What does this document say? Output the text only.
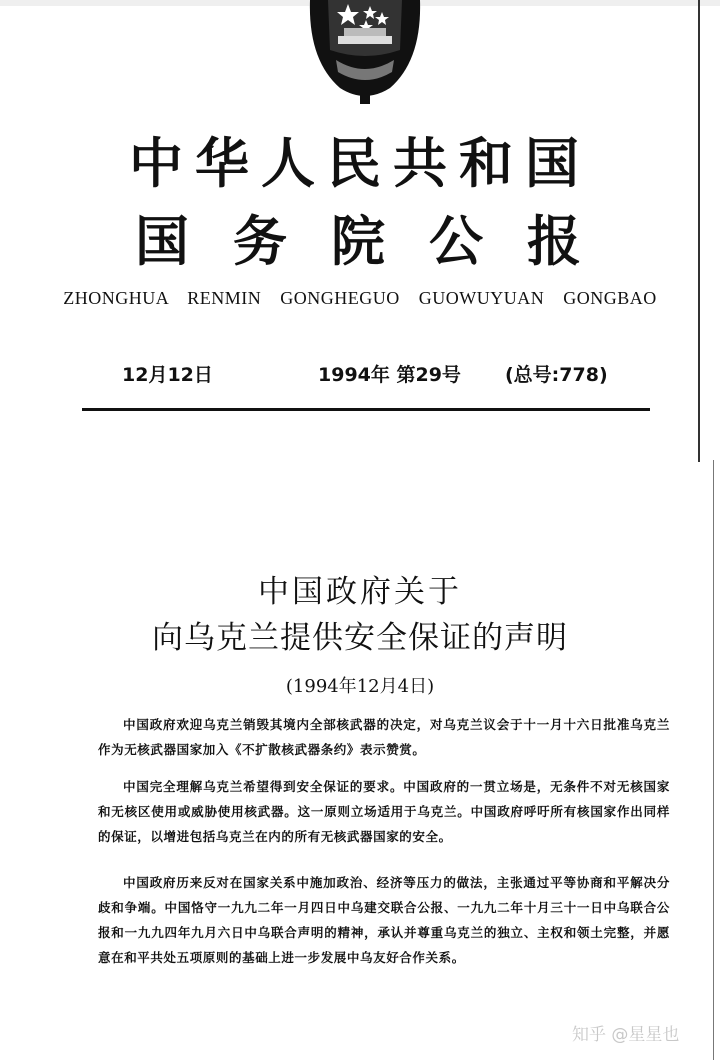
中华人民共和国
国务院公报
ZHONGHUA RENMIN GONGHEGUO GUOWUYUAN GONGBAO
12月12日	1994年 第29号 (总号:778)
中国政府关于
向乌克兰提供安全保证的声明
(1994年12月4日)
中国政府欢迎乌克兰销毁其境内全部核武器的决定，对乌克兰议会于十一月十六日批准乌克兰作为无核武器国家加入《不扩散核武器条约》表示赞赏。
中国完全理解乌克兰希望得到安全保证的要求。中国政府的一贯立场是，无条件不对无核国家和无核区使用或威胁使用核武器。这一原则立场适用于乌克兰。中国政府呼吁所有核国家作出同样的保证，以增进包括乌克兰在内的所有无核武器国家的安全。
中国政府历来反对在国家关系中施加政治、经济等压力的做法，主张通过平等协商和平解决分歧和争端。中国恪守一九九二年一月四日中乌建交联合公报、一九九二年十月三十一日中乌联合公报和一九九四年九月六日中乌联合声明的精神，承认并尊重乌克兰的独立、主权和领土完整，并愿意在和平共处五项原则的基础上进一步发展中乌友好合作关系。
知乎 @星星也
